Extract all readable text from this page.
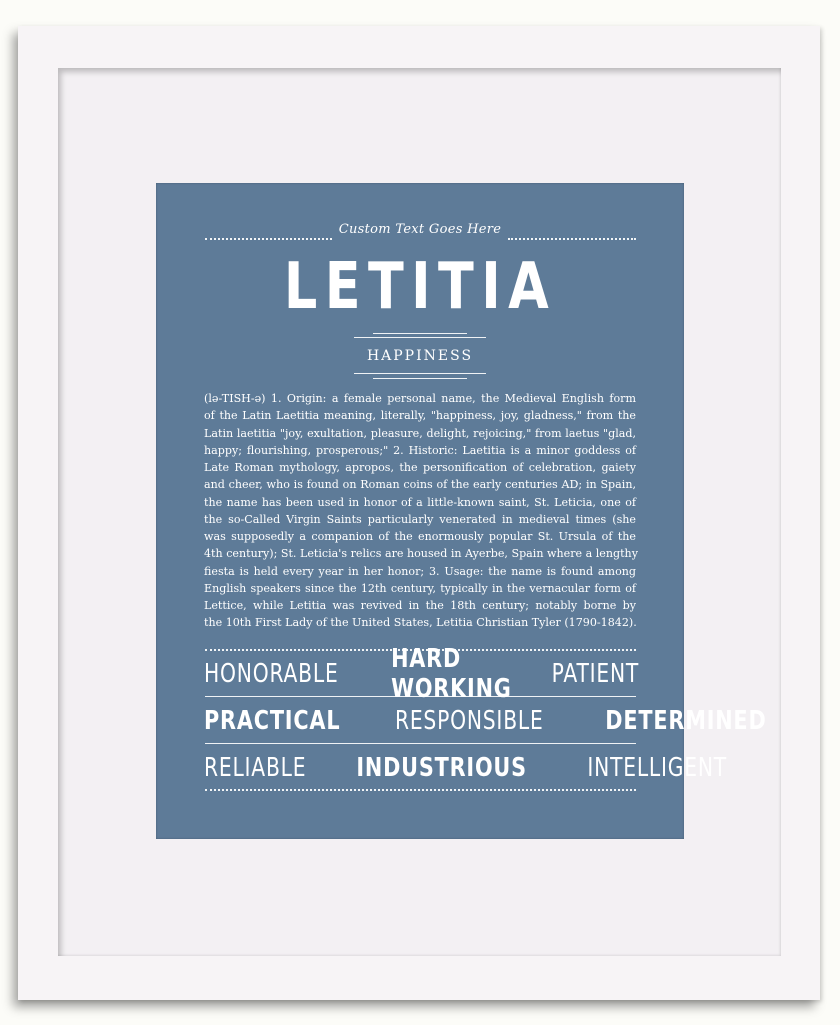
Custom Text Goes Here
LETITIA
HAPPINESS
(lə-TISH-ə) 1. Origin: a female personal name, the Medieval English form
of the Latin Laetitia meaning, literally, "happiness, joy, gladness," from the
Latin laetitia "joy, exultation, pleasure, delight, rejoicing," from laetus "glad,
happy; flourishing, prosperous;" 2. Historic: Laetitia is a minor goddess of
Late Roman mythology, apropos, the personification of celebration, gaiety
and cheer, who is found on Roman coins of the early centuries AD; in Spain,
the name has been used in honor of a little-known saint, St. Leticia, one of
the so-Called Virgin Saints particularly venerated in medieval times (she
was supposedly a companion of the enormously popular St. Ursula of the
4th century); St. Leticia's relics are housed in Ayerbe, Spain where a lengthy
fiesta is held every year in her honor; 3. Usage: the name is found among
English speakers since the 12th century, typically in the vernacular form of
Lettice, while Letitia was revived in the 18th century; notably borne by
the 10th First Lady of the United States, Letitia Christian Tyler (1790-1842).
HONORABLE HARD WORKING PATIENT
PRACTICAL RESPONSIBLE DETERMINED
RELIABLE INDUSTRIOUS INTELLIGENT
